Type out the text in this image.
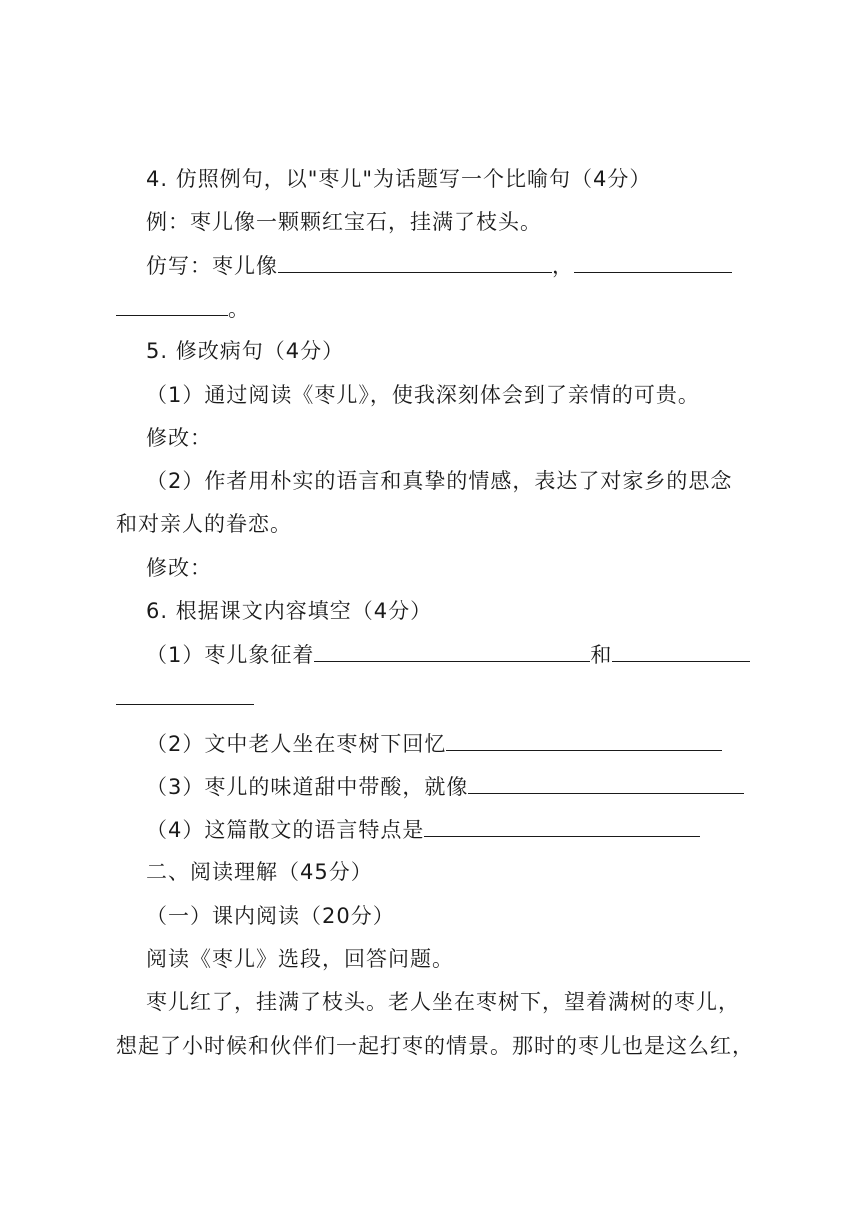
4. 仿照例句，以"枣儿"为话题写一个比喻句（4分）
例：枣儿像一颗颗红宝石，挂满了枝头。
仿写：枣儿像	，
。
5. 修改病句（4分）
（1）通过阅读《枣儿》，使我深刻体会到了亲情的可贵。
修改：
（2）作者用朴实的语言和真挚的情感，表达了对家乡的思念
和对亲人的眷恋。
修改：
6. 根据课文内容填空（4分）
（1）枣儿象征着	和
（2）文中老人坐在枣树下回忆
（3）枣儿的味道甜中带酸，就像
（4）这篇散文的语言特点是
二、阅读理解（45分）
（一）课内阅读（20分）
阅读《枣儿》选段，回答问题。
枣儿红了，挂满了枝头。老人坐在枣树下，望着满树的枣儿，
想起了小时候和伙伴们一起打枣的情景。那时的枣儿也是这么红，
